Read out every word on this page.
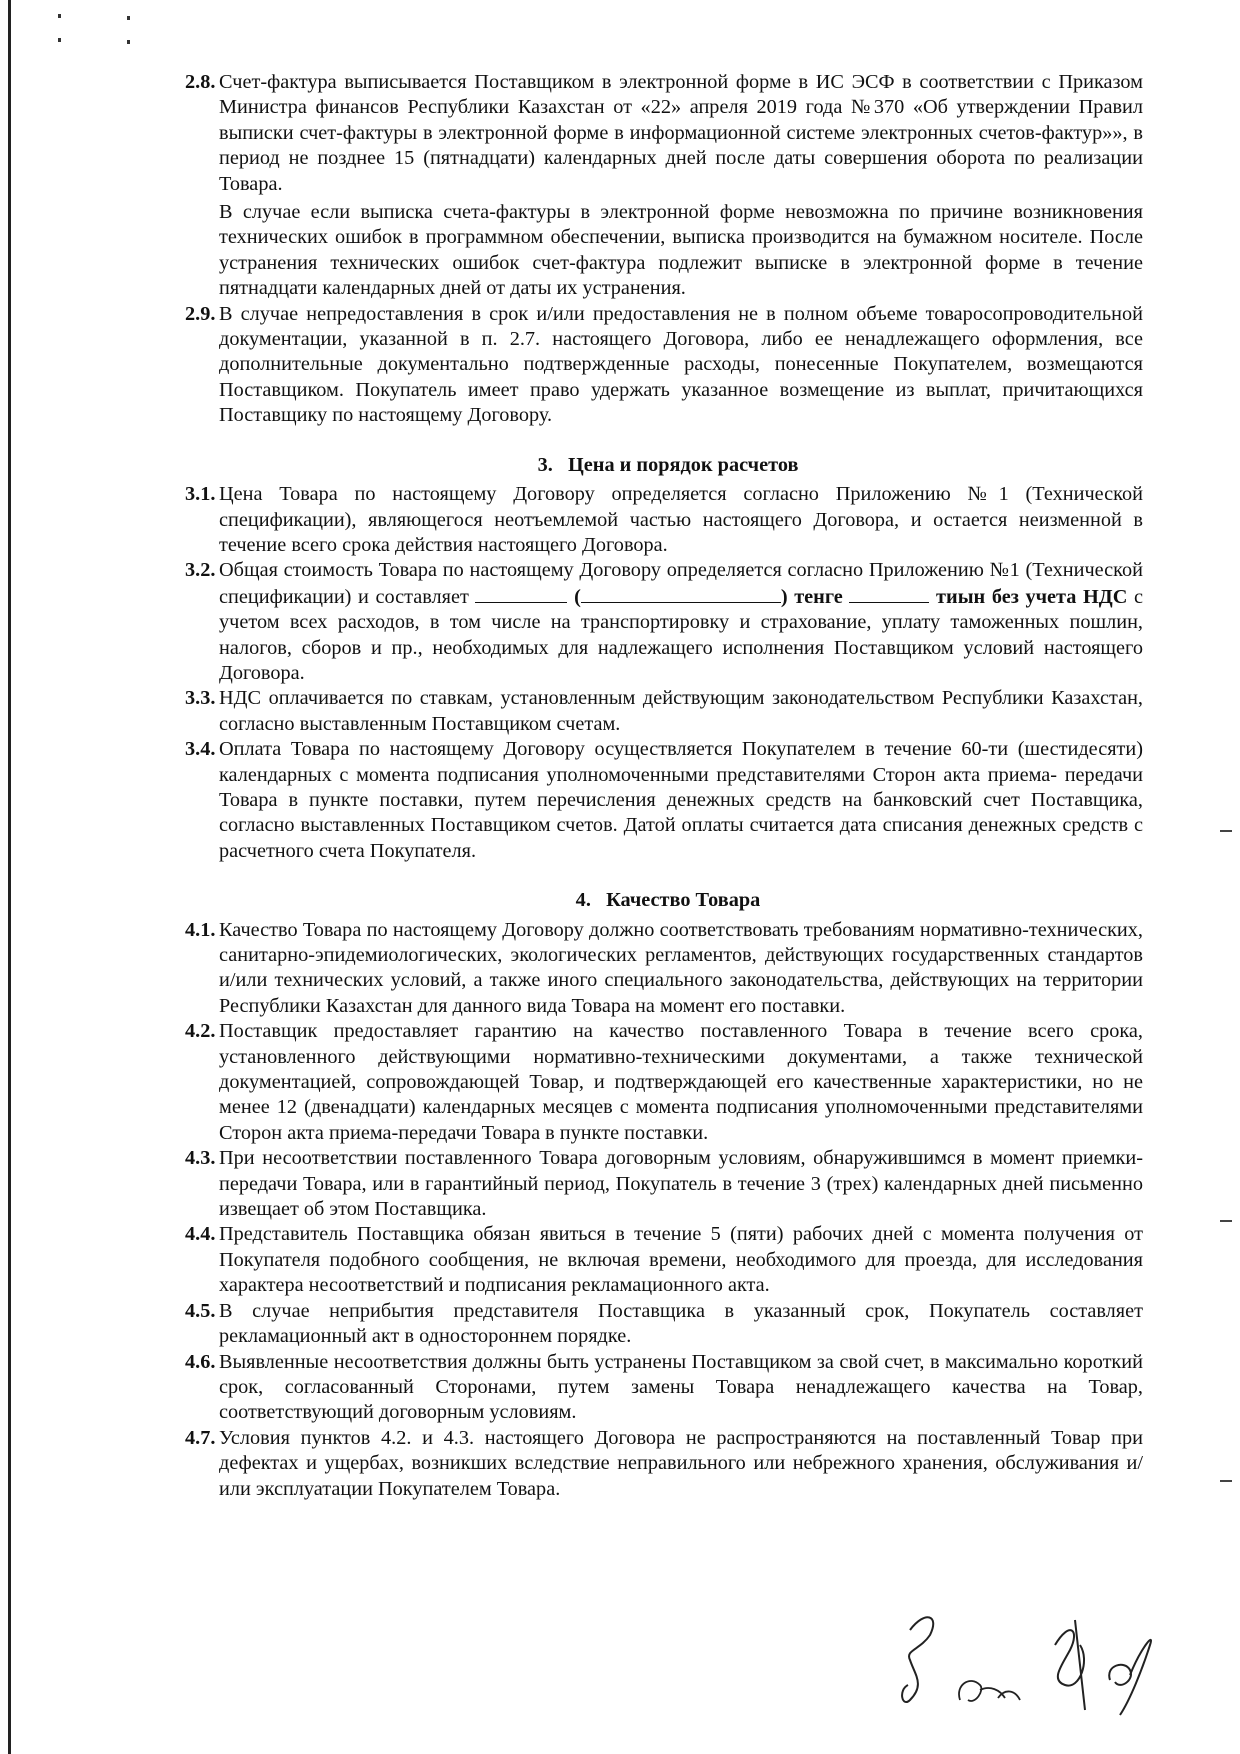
2.8. Счет-фактура выписывается Поставщиком в электронной форме в ИС ЭСФ в соответствии с Приказом Министра финансов Республики Казахстан от «22» апреля 2019 года №370 «Об утверждении Правил выписки счет-фактуры в электронной форме в информационной системе электронных счетов-фактур»», в период не позднее 15 (пятнадцати) календарных дней после даты совершения оборота по реализации Товара.

В случае если выписка счета-фактуры в электронной форме невозможна по причине возникновения технических ошибок в программном обеспечении, выписка производится на бумажном носителе. После устранения технических ошибок счет-фактура подлежит выписке в электронной форме в течение пятнадцати календарных дней от даты их устранения.

2.9. В случае непредоставления в срок и/или предоставления не в полном объеме товаросопроводительной документации, указанной в п. 2.7. настоящего Договора, либо ее ненадлежащего оформления, все дополнительные документально подтвержденные расходы, понесенные Покупателем, возмещаются Поставщиком. Покупатель имеет право удержать указанное возмещение из выплат, причитающихся Поставщику по настоящему Договору.

3.   Цена и порядок расчетов
3.1. Цена Товара по настоящему Договору определяется согласно Приложению №1 (Технической спецификации), являющегося неотъемлемой частью настоящего Договора, и остается неизменной в течение всего срока действия настоящего Договора.

3.2. Общая стоимость Товара по настоящему Договору определяется согласно Приложению №1 (Технической спецификации) и составляет	(	) тенге	тиын без учета НДС с учетом всех расходов, в том числе на транспортировку и страхование, уплату таможенных пошлин, налогов, сборов и пр., необходимых для надлежащего исполнения Поставщиком условий настоящего Договора.

3.3. НДС оплачивается по ставкам, установленным действующим законодательством Республики Казахстан, согласно выставленным Поставщиком счетам.

3.4. Оплата Товара по настоящему Договору осуществляется Покупателем в течение 60-ти (шестидесяти) календарных с момента подписания уполномоченными представителями Сторон акта приема- передачи Товара в пункте поставки, путем перечисления денежных средств на банковский счет Поставщика, согласно выставленных Поставщиком счетов. Датой оплаты считается дата списания денежных средств с расчетного счета Покупателя.

4.   Качество Товара
4.1. Качество Товара по настоящему Договору должно соответствовать требованиям нормативно-технических, санитарно-эпидемиологических, экологических регламентов, действующих государственных стандартов и/или технических условий, а также иного специального законодательства, действующих на территории Республики Казахстан для данного вида Товара на момент его поставки.

4.2. Поставщик предоставляет гарантию на качество поставленного Товара в течение всего срока, установленного действующими нормативно-техническими документами, а также технической документацией, сопровождающей Товар, и подтверждающей его качественные характеристики, но не менее 12 (двенадцати) календарных месяцев с момента подписания уполномоченными представителями Сторон акта приема-передачи Товара в пункте поставки.

4.3. При несоответствии поставленного Товара договорным условиям, обнаружившимся в момент приемки-передачи Товара, или в гарантийный период, Покупатель в течение 3 (трех) календарных дней письменно извещает об этом Поставщика.

4.4. Представитель Поставщика обязан явиться в течение 5 (пяти) рабочих дней с момента получения от Покупателя подобного сообщения, не включая времени, необходимого для проезда, для исследования характера несоответствий и подписания рекламационного акта.

4.5. В случае неприбытия представителя Поставщика в указанный срок, Покупатель составляет рекламационный акт в одностороннем порядке.

4.6. Выявленные несоответствия должны быть устранены Поставщиком за свой счет, в максимально короткий срок, согласованный Сторонами, путем замены Товара ненадлежащего качества на Товар, соответствующий договорным условиям.

4.7. Условия пунктов 4.2. и 4.3. настоящего Договора не распространяются на поставленный Товар при дефектах и ущербах, возникших вследствие неправильного или небрежного хранения, обслуживания и/или эксплуатации Покупателем Товара.
